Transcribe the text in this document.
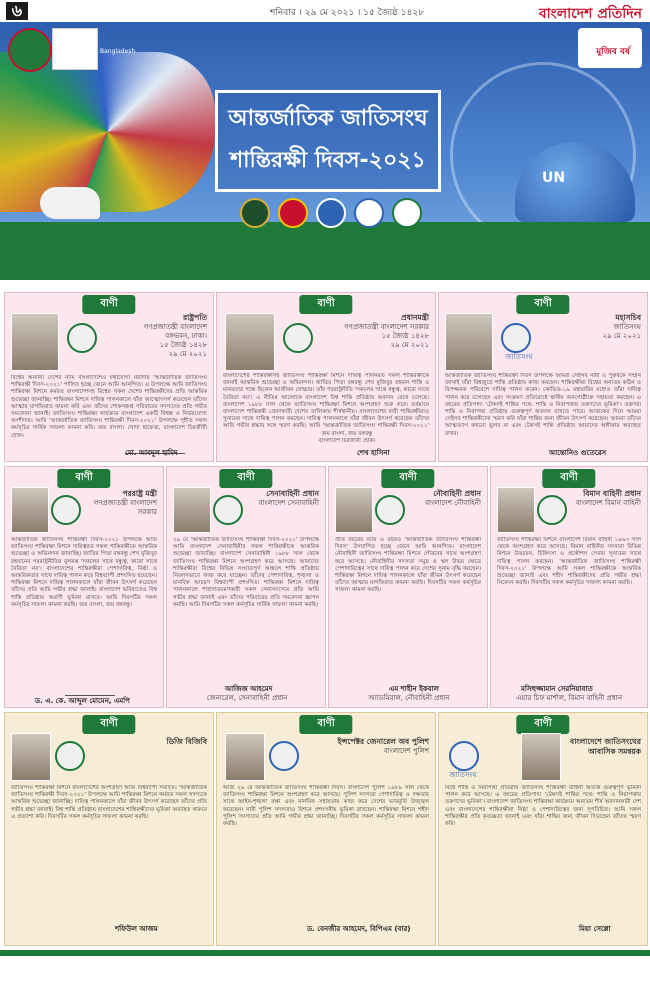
৬	শনিবার । ২৯ মে ২০২১ । ১৫ জ্যৈষ্ঠ ১৪২৮	বাংলাদেশ প্রতিদিন
Bangladesh	মুজিব বর্ষ
UN
আন্তর্জাতিক জাতিসংঘ
শান্তিরক্ষী দিবস-২০২১
বাণী
রাষ্ট্রপতি
গণপ্রজাতন্ত্রী বাংলাদেশ
বঙ্গভবন, ঢাকা।
১৫ জ্যৈষ্ঠ ১৪২৮
২৯ মে ২০২১
বিশ্বের অন্যান্য দেশের ন্যায় বাংলাদেশেও যথাযোগ্য মর্যাদায় 'আন্তর্জাতিক জাতিসংঘ শান্তিরক্ষী দিবস-২০২১' পালিত হচ্ছে জেনে আমি আনন্দিত। এ উপলক্ষে আমি জাতিসংঘ শান্তিরক্ষা মিশনে কর্মরত বাংলাদেশসহ বিশ্বের সকল দেশের শান্তিরক্ষীদের প্রতি আন্তরিক শুভেচ্ছা জানাচ্ছি। শান্তিরক্ষা মিশনে দায়িত্ব পালনকালে যাঁরা আত্মোৎসর্গ করেছেন তাঁদের আত্মার মাগফিরাত কামনা করি এবং তাঁদের শোকসন্তপ্ত পরিবারের সদস্যদের প্রতি গভীর সমবেদনা জানাই। জাতিসংঘ শান্তিরক্ষা কার্যক্রমে বাংলাদেশ একটি বিশ্বস্ত ও নির্ভরযোগ্য অংশীদার। আমি 'আন্তর্জাতিক জাতিসংঘ শান্তিরক্ষী দিবস-২০২১' উপলক্ষে গৃহীত সকল কর্মসূচির সার্বিক সাফল্য কামনা করি। জয় বাংলা। খোদা হাফেজ, বাংলাদেশ চিরজীবী হোক।
মো. আবদুল হামিদ
বাণী
প্রধানমন্ত্রী
গণপ্রজাতন্ত্রী বাংলাদেশ সরকার
১৫ জ্যৈষ্ঠ ১৪২৮
২৯ মে ২০২১
বাংলাদেশের শান্তিরক্ষীসহ জাতিসংঘ শান্তিরক্ষা মিশনে দায়িত্ব পালনরত সকল শান্তিরক্ষীকে জানাই আন্তরিক শুভেচ্ছা ও অভিনন্দন। জাতির পিতা বঙ্গবন্ধু শেখ মুজিবুর রহমান শান্তি ও মানবতার পক্ষে ছিলেন আজীবন সোচ্চার। তাঁর পররাষ্ট্রনীতি 'সকলের সাথে বন্ধুত্ব, কারো সাথে বৈরিতা নয়'। এ নীতির আলোকে বাংলাদেশ বিশ্ব শান্তি প্রতিষ্ঠায় অবদান রেখে চলেছে। বাংলাদেশ ১৯৮৮ সাল থেকে জাতিসংঘ শান্তিরক্ষা মিশনে অংশগ্রহণ শুরু করে। বর্তমানে বাংলাদেশ শান্তিরক্ষী প্রেরণকারী দেশের তালিকায় শীর্ষস্থানীয়। বাংলাদেশের নারী শান্তিরক্ষীরাও সুনামের সাথে দায়িত্ব পালন করছেন। দায়িত্ব পালনকালে যাঁরা জীবন উৎসর্গ করেছেন তাঁদের আমি গভীর শ্রদ্ধার সঙ্গে স্মরণ করছি। আমি 'আন্তর্জাতিক জাতিসংঘ শান্তিরক্ষী দিবস-২০২১'
জয় বাংলা, জয় বঙ্গবন্ধু
বাংলাদেশ চিরজীবী হোক।
শেখ হাসিনা
বাণী
জাতিসংঘ
মহাসচিব
জাতিসংঘ
২৯ মে ২০২১
আন্তর্জাতিক জাতিসংঘ শান্তিরক্ষী দিবস উপলক্ষে আমরা সেইসব নারী ও পুরুষকে সম্মান জানাই যাঁরা বিশ্বজুড়ে শান্তি প্রতিষ্ঠায় কাজ করছেন। শান্তিরক্ষীরা বিশ্বের অন্যতম কঠিন ও বিপজ্জনক পরিবেশে দায়িত্ব পালন করেন। কোভিড-১৯ মহামারির মধ্যেও তাঁরা দায়িত্ব পালন করে চলেছেন এবং সংক্রমণ প্রতিরোধে স্থানীয় জনগোষ্ঠীকে সহায়তা করছেন। এ বছরের প্রতিপাদ্য 'টেকসই শান্তির পথে: শান্তি ও নিরাপত্তায় তরুণদের ভূমিকা'। তরুণরা শান্তি ও নিরাপত্তা প্রতিষ্ঠায় গুরুত্বপূর্ণ অবদান রাখতে পারে। আজকের দিনে আমরা সেইসব শান্তিরক্ষীদের স্মরণ করি যাঁরা শান্তির জন্য জীবন উৎসর্গ করেছেন। আমরা তাঁদের আত্মত্যাগ কখনো ভুলব না এবং টেকসই শান্তি প্রতিষ্ঠায় আমাদের অঙ্গীকার অব্যাহত রাখব।
আন্তোনিও গুতেরেস
বাণী
পররাষ্ট্র মন্ত্রী
গণপ্রজাতন্ত্রী বাংলাদেশ সরকার
আন্তর্জাতিক জাতিসংঘ শান্তিরক্ষী দিবস-২০২১ উপলক্ষে আমি জাতিসংঘ শান্তিরক্ষা মিশনে দায়িত্বরত সকল শান্তিরক্ষীকে আন্তরিক শুভেচ্ছা ও অভিনন্দন জানাচ্ছি। জাতির পিতা বঙ্গবন্ধু শেখ মুজিবুর রহমানের পররাষ্ট্রনীতির মূলমন্ত্র 'সকলের সাথে বন্ধুত্ব, কারো সাথে বৈরিতা নয়'। বাংলাদেশের শান্তিরক্ষীরা পেশাদারিত্ব, নিষ্ঠা ও আন্তরিকতার সাথে দায়িত্ব পালন করে বিশ্বব্যাপী প্রশংসিত হয়েছেন। শান্তিরক্ষা মিশনে দায়িত্ব পালনকালে যাঁরা জীবন উৎসর্গ করেছেন তাঁদের প্রতি আমি গভীর শ্রদ্ধা জানাই। বাংলাদেশ ভবিষ্যতেও বিশ্ব শান্তি প্রতিষ্ঠায় অগ্রণী ভূমিকা রাখবে। আমি দিবসটির সকল কর্মসূচির সাফল্য কামনা করছি। জয় বাংলা, জয় বঙ্গবন্ধু।
ড. এ. কে. আব্দুল মোমেন, এমপি
বাণী
সেনাবাহিনী প্রধান
বাংলাদেশ সেনাবাহিনী
২৯ মে 'আন্তর্জাতিক জাতিসংঘ শান্তিরক্ষী দিবস-২০২১' উপলক্ষে আমি বাংলাদেশ সেনাবাহিনীর সকল শান্তিরক্ষীকে আন্তরিক শুভেচ্ছা জানাচ্ছি। বাংলাদেশ সেনাবাহিনী ১৯৮৮ সাল থেকে জাতিসংঘ শান্তিরক্ষা মিশনে অংশগ্রহণ করে আসছে। আমাদের শান্তিরক্ষীরা বিশ্বের বিভিন্ন সংঘাতপূর্ণ অঞ্চলে শান্তি প্রতিষ্ঠায় নিরলসভাবে কাজ করে যাচ্ছেন। তাঁদের পেশাদারিত্ব, শৃঙ্খলা ও মানবিক আচরণ বিশ্বব্যাপী প্রশংসিত। শান্তিরক্ষা মিশনে দায়িত্ব পালনকালে শাহাদাতবরণকারী সকল সেনাসদস্যের প্রতি আমি গভীর শ্রদ্ধা জানাই এবং তাঁদের পরিবারের প্রতি সমবেদনা জ্ঞাপন করছি। আমি দিবসটির সকল কর্মসূচির সার্বিক সাফল্য কামনা করছি।
আজিজ আহমেদ
জেনারেল, সেনাবাহিনী প্রধান
বাণী
নৌবাহিনী প্রধান
বাংলাদেশ নৌবাহিনী
প্রতি বছরের ন্যায় এ বছরও 'আন্তর্জাতিক জাতিসংঘ শান্তিরক্ষী দিবস' উদযাপিত হচ্ছে জেনে আমি আনন্দিত। বাংলাদেশ নৌবাহিনী জাতিসংঘ শান্তিরক্ষা মিশনে গৌরবের সাথে অংশগ্রহণ করে আসছে। নৌবাহিনীর সদস্যরা সমুদ্র ও স্থল উভয় ক্ষেত্রে পেশাদারিত্বের সাথে দায়িত্ব পালন করে দেশের সুনাম বৃদ্ধি করছেন। শান্তিরক্ষা মিশনে দায়িত্ব পালনকালে যাঁরা জীবন উৎসর্গ করেছেন তাঁদের আত্মার মাগফিরাত কামনা করছি। দিবসটির সকল কর্মসূচির সাফল্য কামনা করছি।
এম শাহীন ইকবাল
অ্যাডমিরাল, নৌবাহিনী প্রধান
বাণী
বিমান বাহিনী প্রধান
বাংলাদেশ বিমান বাহিনী
জাতিসংঘ শান্তিরক্ষা মিশনে বাংলাদেশ বিমান বাহিনী ১৯৯৩ সাল থেকে অংশগ্রহণ করে আসছে। বিমান বাহিনীর সদস্যরা বিভিন্ন মিশনে উড্ডয়ন, চিকিৎসা ও প্রকৌশল সেবায় সুনামের সাথে দায়িত্ব পালন করছেন। 'আন্তর্জাতিক জাতিসংঘ শান্তিরক্ষী দিবস-২০২১' উপলক্ষে আমি সকল শান্তিরক্ষীকে আন্তরিক শুভেচ্ছা জানাই এবং শহীদ শান্তিরক্ষীদের প্রতি গভীর শ্রদ্ধা নিবেদন করছি। দিবসটির সকল কর্মসূচির সাফল্য কামনা করছি।
মসিহুজ্জামান সেরনিয়াবাত
এয়ার চিফ মার্শাল, বিমান বাহিনী প্রধান
বাণী
ডিজি বিজিবি
জাতিসংঘ শান্তিরক্ষা মিশনে বাংলাদেশের অংশগ্রহণ আজ বিশ্বব্যাপী সমাদৃত। 'আন্তর্জাতিক জাতিসংঘ শান্তিরক্ষী দিবস-২০২১' উপলক্ষে আমি শান্তিরক্ষা মিশনে কর্মরত সকল সদস্যকে আন্তরিক শুভেচ্ছা জানাচ্ছি। দায়িত্ব পালনকালে যাঁরা জীবন উৎসর্গ করেছেন তাঁদের প্রতি গভীর শ্রদ্ধা জানাই। বিশ্ব শান্তি প্রতিষ্ঠায় বাংলাদেশের শান্তিরক্ষীদের ভূমিকা অব্যাহত থাকবে এ প্রত্যাশা করি। দিবসটির সকল কর্মসূচির সাফল্য কামনা করছি।
শফিউল আজম
বাণী
ইন্সপেক্টর জেনারেল অব পুলিশ
বাংলাদেশ পুলিশ
আজ ২৯ মে আন্তর্জাতিক জাতিসংঘ শান্তিরক্ষী দিবস। বাংলাদেশ পুলিশ ১৯৮৯ সাল থেকে জাতিসংঘ শান্তিরক্ষা মিশনে অংশগ্রহণ করে আসছে। পুলিশ সদস্যরা পেশাদারিত্ব ও দক্ষতার সাথে আইন-শৃঙ্খলা রক্ষা এবং মানবিক সহায়তায় কাজ করে দেশের ভাবমূর্তি উজ্জ্বল করেছেন। নারী পুলিশ সদস্যরাও মিশনে প্রশংসনীয় ভূমিকা রাখছেন। শান্তিরক্ষা মিশনে শহীদ পুলিশ সদস্যদের প্রতি আমি গভীর শ্রদ্ধা জানাচ্ছি। দিবসটির সকল কর্মসূচির সাফল্য কামনা করছি।
ড. বেনজীর আহমেদ, বিপিএম (বার)
বাণী
জাতিসংঘ
বাংলাদেশে জাতিসংঘের আবাসিক সমন্বয়ক
বিশ্বে শান্তি ও নিরাপত্তা প্রতিষ্ঠায় জাতিসংঘ শান্তিরক্ষী বাহিনী অত্যন্ত গুরুত্বপূর্ণ ভূমিকা পালন করে আসছে। এ বছরের প্রতিপাদ্য 'টেকসই শান্তির পথে: শান্তি ও নিরাপত্তায় তরুণদের ভূমিকা'। বাংলাদেশ জাতিসংঘ শান্তিরক্ষা কার্যক্রমে অন্যতম শীর্ষ অবদানকারী দেশ এবং বাংলাদেশের শান্তিরক্ষীরা নিষ্ঠা ও পেশাদারিত্বের জন্য সুপরিচিত। আমি সকল শান্তিরক্ষীর প্রতি কৃতজ্ঞতা জানাই এবং যাঁরা শান্তির জন্য জীবন দিয়েছেন তাঁদের স্মরণ করি।
মিয়া সেপ্পো
